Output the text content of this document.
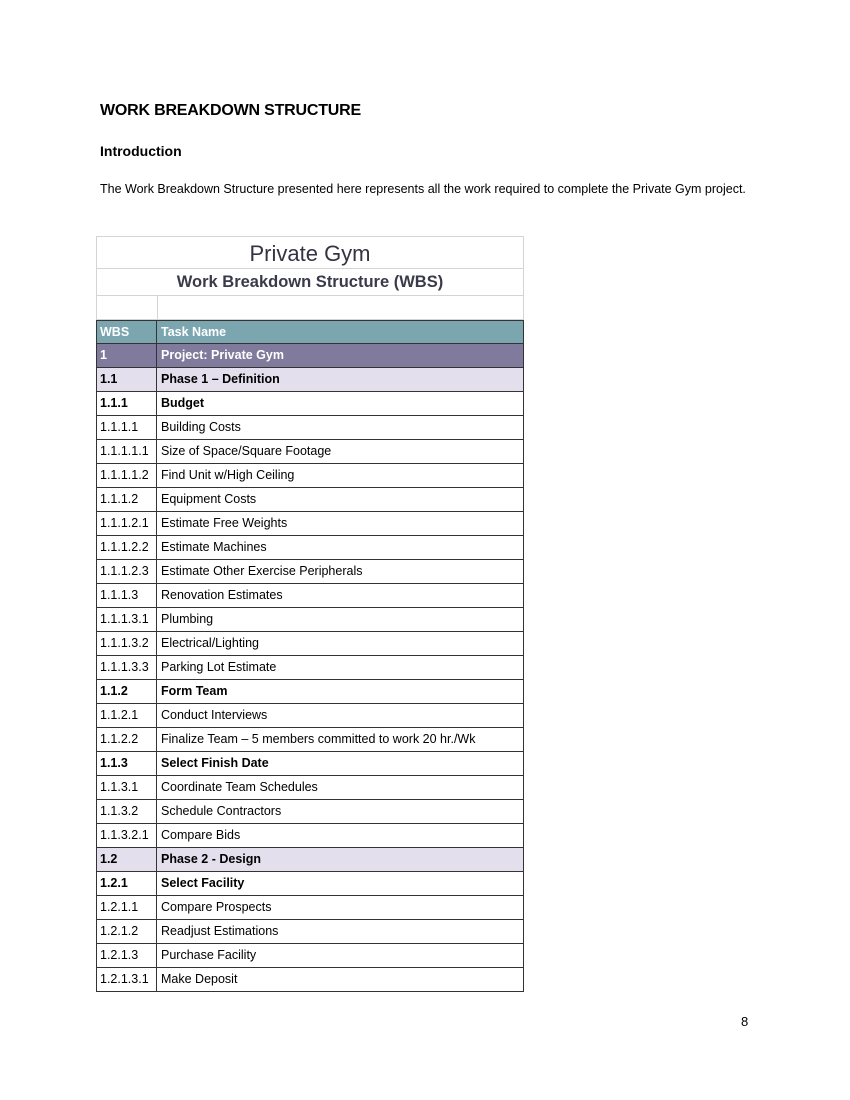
WORK BREAKDOWN STRUCTURE
Introduction
The Work Breakdown Structure presented here represents all the work required to complete the Private Gym project.
Private Gym
Work Breakdown Structure (WBS)
WBS	Task Name
1	Project: Private Gym
1.1	Phase 1 – Definition
1.1.1	Budget
1.1.1.1	Building Costs
1.1.1.1.1 Size of Space/Square Footage
1.1.1.1.2 Find Unit w/High Ceiling
1.1.1.2	Equipment Costs
1.1.1.2.1 Estimate Free Weights
1.1.1.2.2 Estimate Machines
1.1.1.2.3 Estimate Other Exercise Peripherals
1.1.1.3	Renovation Estimates
1.1.1.3.1 Plumbing
1.1.1.3.2 Electrical/Lighting
1.1.1.3.3 Parking Lot Estimate
1.1.2	Form Team
1.1.2.1	Conduct Interviews
1.1.2.2	Finalize Team – 5 members committed to work 20 hr./Wk
1.1.3	Select Finish Date
1.1.3.1	Coordinate Team Schedules
1.1.3.2	Schedule Contractors
1.1.3.2.1 Compare Bids
1.2	Phase 2 - Design
1.2.1	Select Facility
1.2.1.1	Compare Prospects
1.2.1.2	Readjust Estimations
1.2.1.3	Purchase Facility
1.2.1.3.1 Make Deposit
8
